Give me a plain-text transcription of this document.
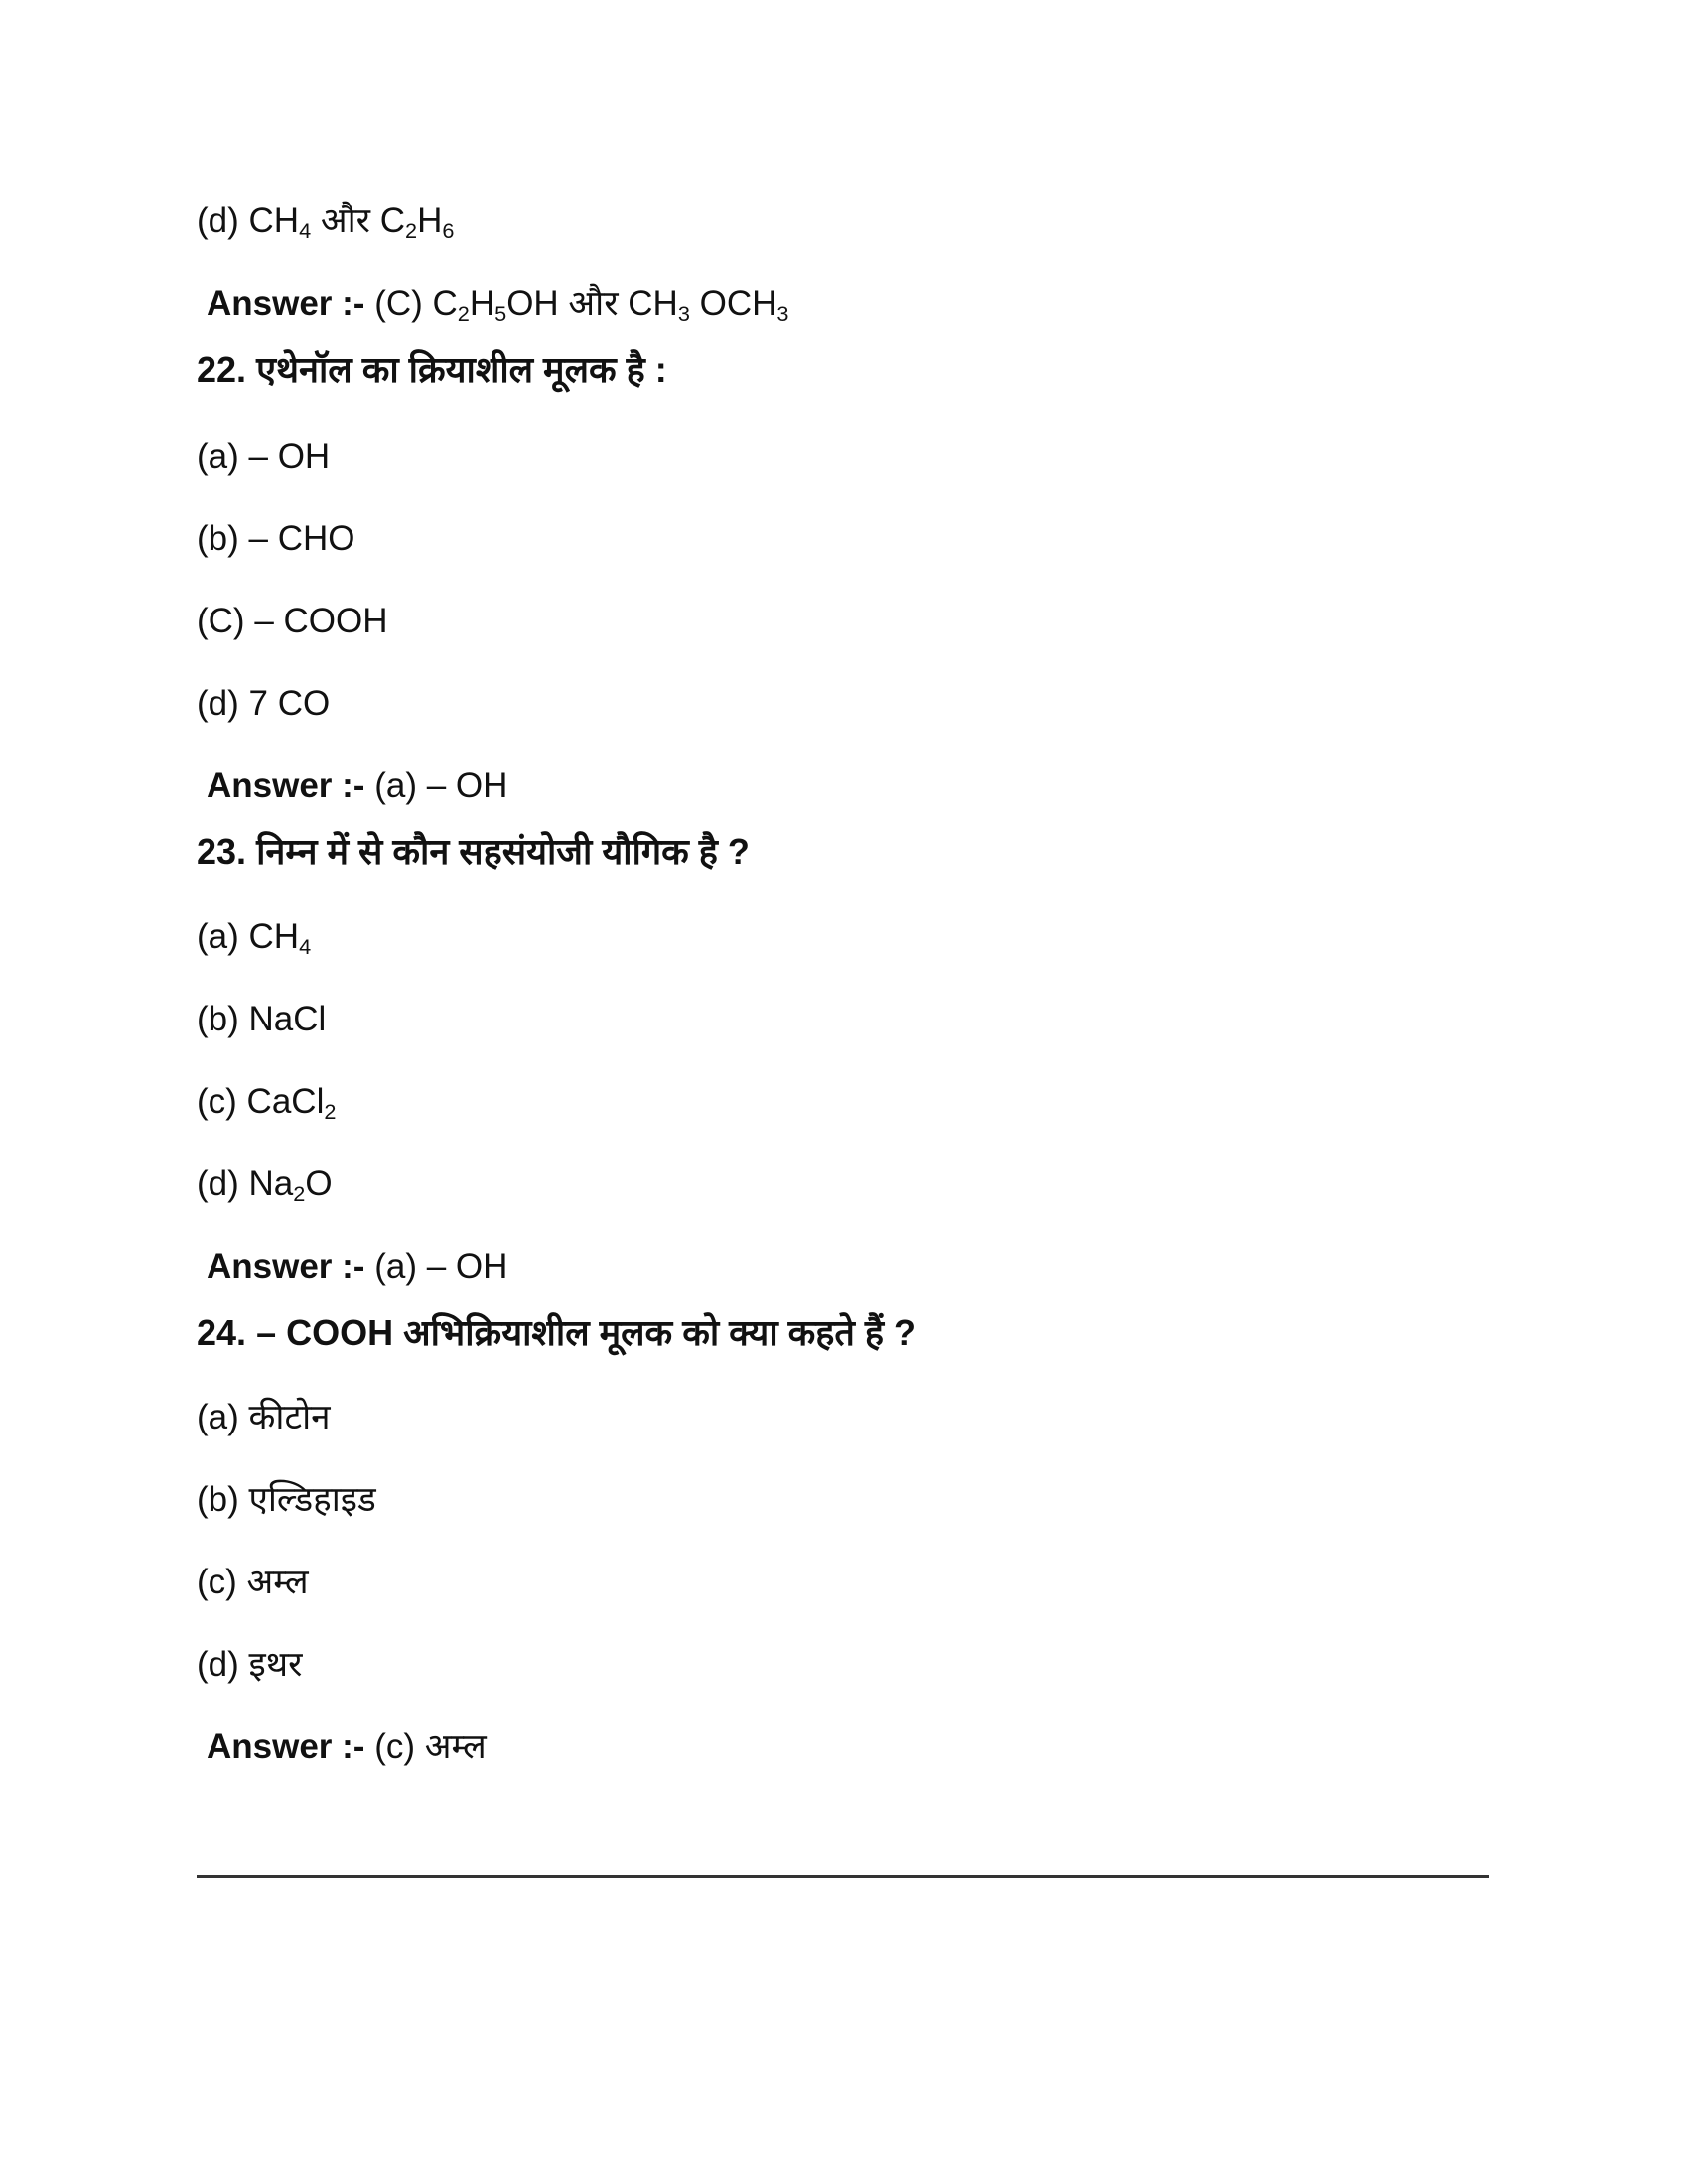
(d) $CH_4$ और $C_2H_6$
Answer :- (C) $C_2H_5OH$ और $CH_3$ $OCH_3$
22. एथेनॉल का क्रियाशील मूलक है :
(a) – OH
(b) – CHO
(C) – COOH
(d) 7 CO
Answer :- (a) – OH
23. निम्न में से कौन सहसंयोजी यौगिक है ?
(a) $CH_4$
(b) NaCl
(c) CaCl$_2$
(d) $Na_2O$
Answer :- (a) – OH
24. – COOH अभिक्रियाशील मूलक को क्या कहते हैं ?
(a) कीटोन
(b) एल्डिहाइड
(c) अम्ल
(d) इथर
Answer :- (c) अम्ल
